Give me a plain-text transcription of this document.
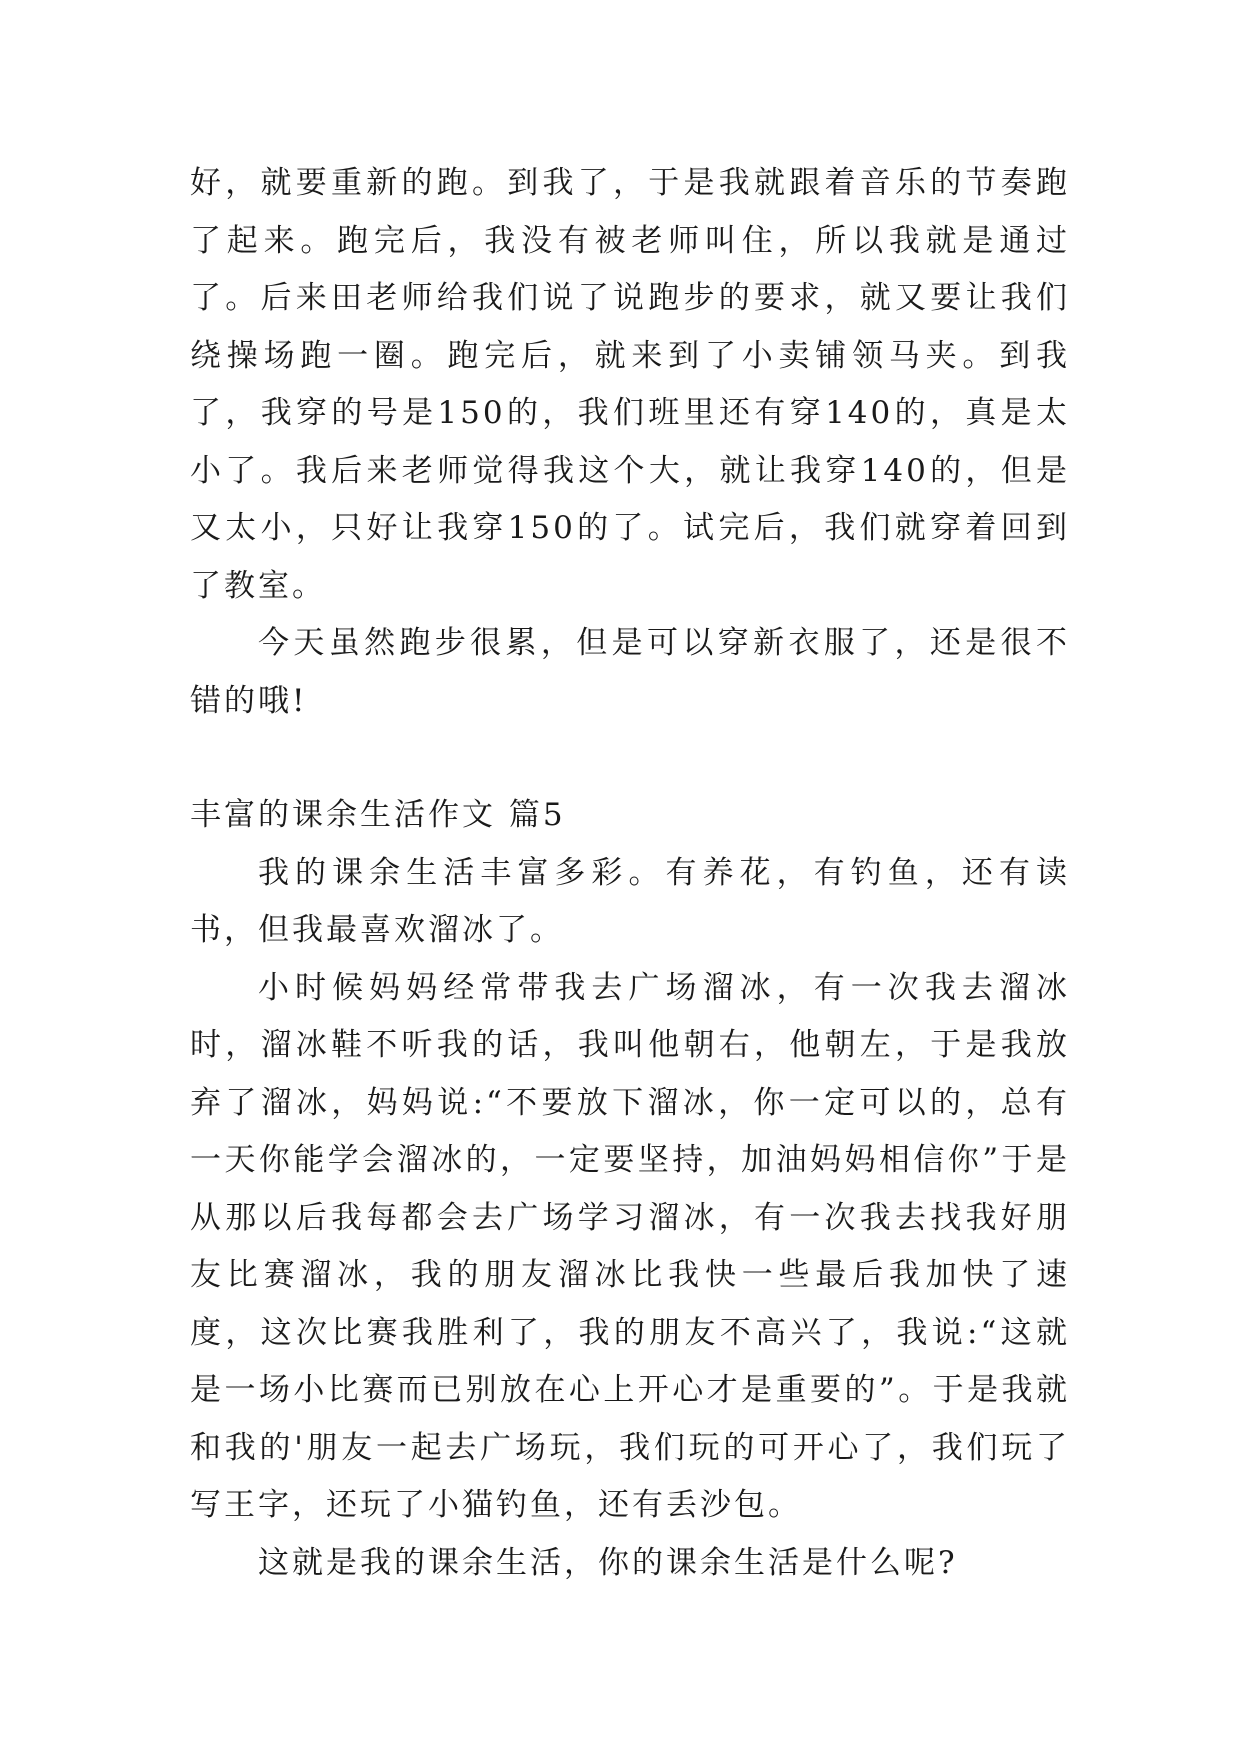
好，就要重新的跑。到我了，于是我就跟着音乐的节奏跑了起来。跑完后，我没有被老师叫住，所以我就是通过了。后来田老师给我们说了说跑步的要求，就又要让我们绕操场跑一圈。跑完后，就来到了小卖铺领马夹。到我了，我穿的号是150的，我们班里还有穿140的，真是太小了。我后来老师觉得我这个大，就让我穿140的，但是又太小，只好让我穿150的了。试完后，我们就穿着回到了教室。

今天虽然跑步很累，但是可以穿新衣服了，还是很不错的哦!

丰富的课余生活作文 篇5

我的课余生活丰富多彩。有养花，有钓鱼，还有读书，但我最喜欢溜冰了。

小时候妈妈经常带我去广场溜冰，有一次我去溜冰时，溜冰鞋不听我的话，我叫他朝右，他朝左，于是我放弃了溜冰，妈妈说:“不要放下溜冰，你一定可以的，总有一天你能学会溜冰的，一定要坚持，加油妈妈相信你”于是从那以后我每都会去广场学习溜冰，有一次我去找我好朋友比赛溜冰，我的朋友溜冰比我快一些最后我加快了速度，这次比赛我胜利了，我的朋友不高兴了，我说:“这就是一场小比赛而已别放在心上开心才是重要的”。于是我就和我的'朋友一起去广场玩，我们玩的可开心了，我们玩了写王字，还玩了小猫钓鱼，还有丢沙包。

这就是我的课余生活，你的课余生活是什么呢?
